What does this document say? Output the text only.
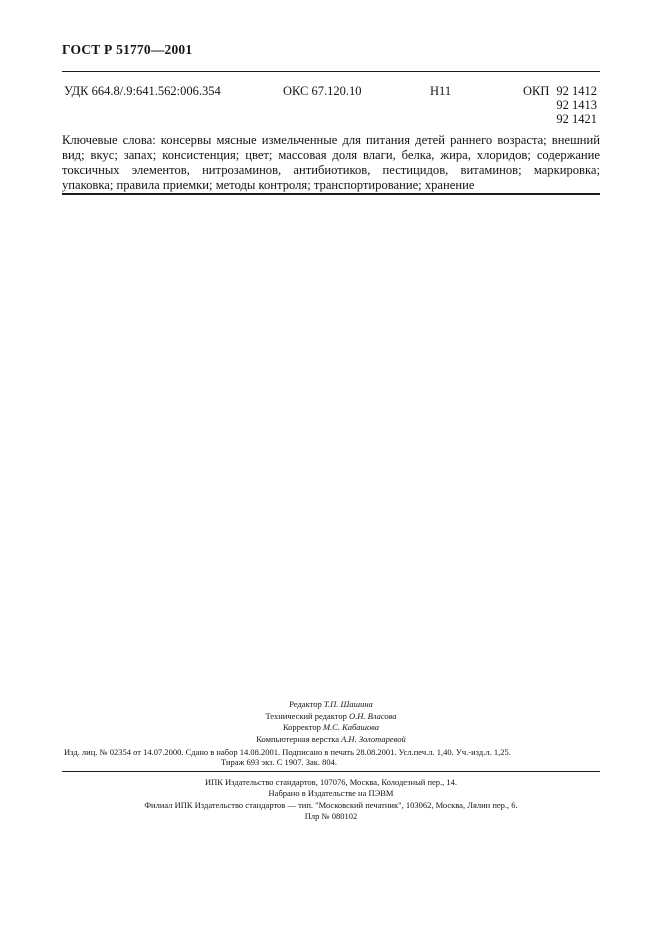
ГОСТ Р 51770—2001
УДК 664.8/.9:641.562:006.354	ОКС 67.120.10	Н11	ОКП 92 1412
92 1413
92 1421
Ключевые слова: консервы мясные измельченные для питания детей раннего возраста; внешний вид; вкус; запах; консистенция; цвет; массовая доля влаги, белка, жира, хлоридов; содержание токсичных элементов, нитрозаминов, антибиотиков, пестицидов, витаминов; маркировка; упаковка; правила приемки; методы контроля; транспортирование; хранение
Редактор Т.П. Шашина
Технический редактор О.Н. Власова
Корректор М.С. Кабашова
Компьютерная верстка А.Н. Золотаревой
Изд. лиц. № 02354 от 14.07.2000. Сдано в набор 14.08.2001. Подписано в печать 28.08.2001. Усл.печ.л. 1,40. Уч.-изд.л. 1,25.
Тираж 693 экз. С 1907. Зак. 804.
ИПК Издательство стандартов, 107076, Москва, Колодезный пер., 14.
Набрано в Издательстве на ПЭВМ
Филиал ИПК Издательство стандартов — тип. "Московский печатник", 103062, Москва, Лялин пер., 6.
Плр № 080102
